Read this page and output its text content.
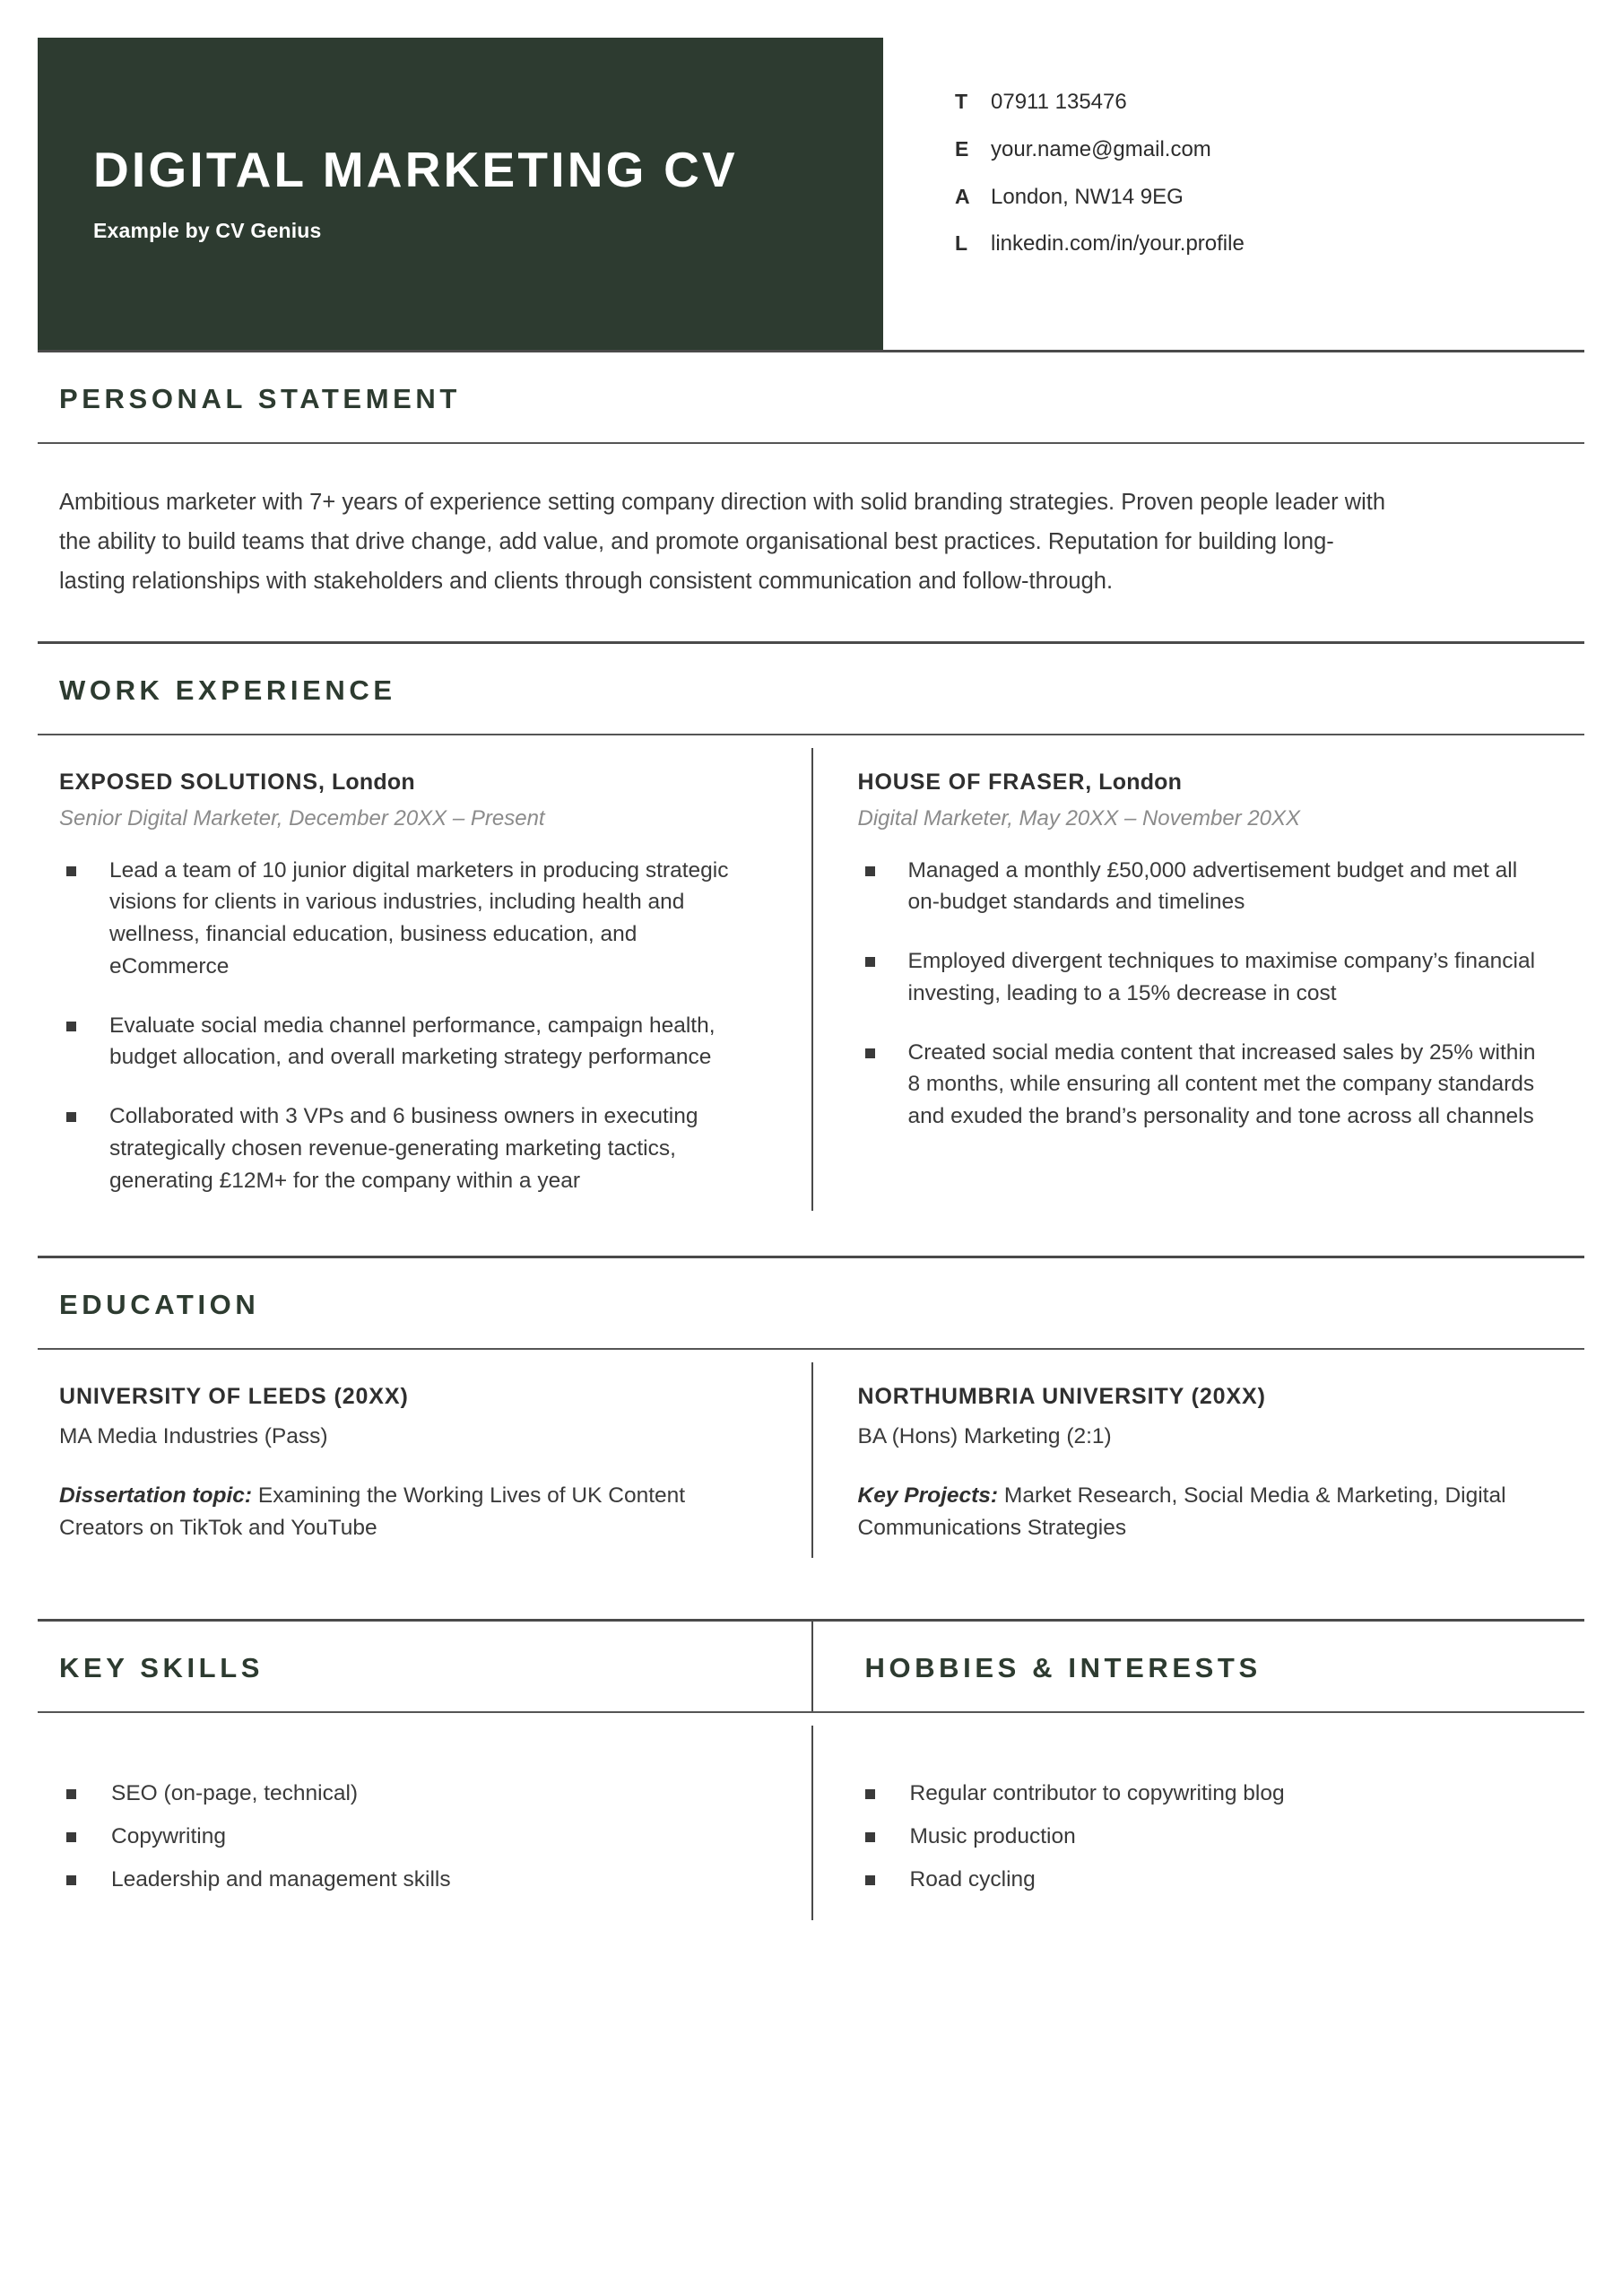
DIGITAL MARKETING CV
Example by CV Genius
T	07911 135476
E	your.name@gmail.com
A London, NW14 9EG
L	linkedin.com/in/your.profile
PERSONAL STATEMENT
Ambitious marketer with 7+ years of experience setting company direction with solid branding strategies. Proven people leader with the ability to build teams that drive change, add value, and promote organisational best practices. Reputation for building long-lasting relationships with stakeholders and clients through consistent communication and follow-through.
WORK EXPERIENCE
EXPOSED SOLUTIONS, London
Senior Digital Marketer, December 20XX – Present
Lead a team of 10 junior digital marketers in producing strategic visions for clients in various industries, including health and wellness, financial education, business education, and eCommerce
Evaluate social media channel performance, campaign health, budget allocation, and overall marketing strategy performance
Collaborated with 3 VPs and 6 business owners in executing strategically chosen revenue-generating marketing tactics, generating £12M+ for the company within a year
HOUSE OF FRASER, London
Digital Marketer, May 20XX – November 20XX
Managed a monthly £50,000 advertisement budget and met all on-budget standards and timelines
Employed divergent techniques to maximise company’s financial investing, leading to a 15% decrease in cost
Created social media content that increased sales by 25% within 8 months, while ensuring all content met the company standards and exuded the brand’s personality and tone across all channels
EDUCATION
UNIVERSITY OF LEEDS (20XX)
MA Media Industries (Pass)
Dissertation topic: Examining the Working Lives of UK Content Creators on TikTok and YouTube
NORTHUMBRIA UNIVERSITY (20XX)
BA (Hons) Marketing (2:1)
Key Projects: Market Research, Social Media & Marketing, Digital Communications Strategies
KEY SKILLS	HOBBIES & INTERESTS
SEO (on-page, technical)
Copywriting
Leadership and management skills
Regular contributor to copywriting blog
Music production
Road cycling
